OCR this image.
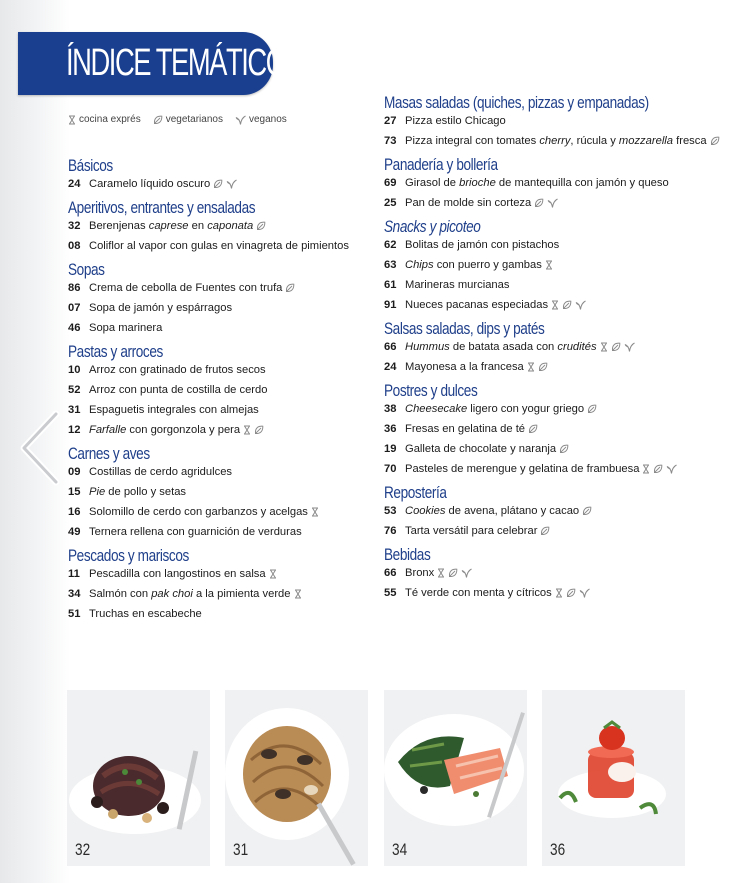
ÍNDICE TEMÁTICO
cocina exprés	vegetarianos	veganos
Básicos
24 Caramelo líquido oscuro
Aperitivos, entrantes y ensaladas
32 Berenjenas caprese en caponata
08 Coliflor al vapor con gulas en vinagreta de pimientos
Sopas
86 Crema de cebolla de Fuentes con trufa
07 Sopa de jamón y espárragos
46 Sopa marinera
Pastas y arroces
10 Arroz con gratinado de frutos secos
52 Arroz con punta de costilla de cerdo
31 Espaguetis integrales con almejas
12 Farfalle con gorgonzola y pera
Carnes y aves
09 Costillas de cerdo agridulces
15 Pie de pollo y setas
16 Solomillo de cerdo con garbanzos y acelgas
49 Ternera rellena con guarnición de verduras
Pescados y mariscos
11 Pescadilla con langostinos en salsa
34 Salmón con pak choi a la pimienta verde
51 Truchas en escabeche
Masas saladas (quiches, pizzas y empanadas)
27 Pizza estilo Chicago
73 Pizza integral con tomates cherry, rúcula y mozzarella fresca
Panadería y bollería
69 Girasol de brioche de mantequilla con jamón y queso
25 Pan de molde sin corteza
Snacks y picoteo
62 Bolitas de jamón con pistachos
63 Chips con puerro y gambas
61 Marineras murcianas
91 Nueces pacanas especiadas
Salsas saladas, dips y patés
66 Hummus de batata asada con crudités
24 Mayonesa a la francesa
Postres y dulces
38 Cheesecake ligero con yogur griego
36 Fresas en gelatina de té
19 Galleta de chocolate y naranja
70 Pasteles de merengue y gelatina de frambuesa
Repostería
53 Cookies de avena, plátano y cacao
76 Tarta versátil para celebrar
Bebidas
66 Bronx
55 Té verde con menta y cítricos
32	31	34	36
